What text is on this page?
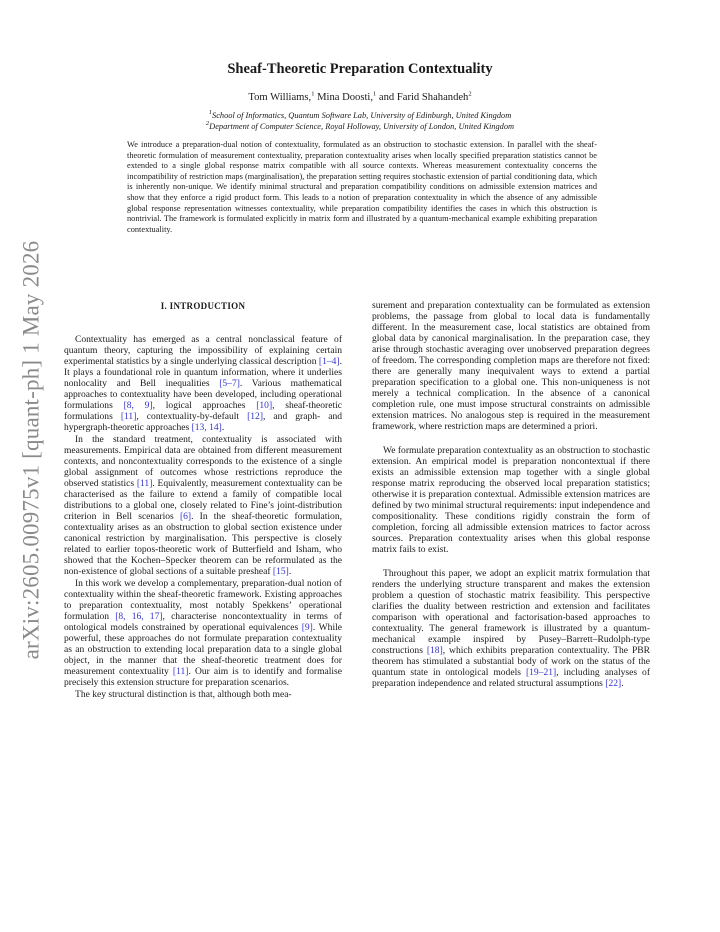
arXiv:2605.00975v1 [quant-ph] 1 May 2026
Sheaf-Theoretic Preparation Contextuality
Tom Williams,$^1$ Mina Doosti,$^1$ and Farid Shahandeh$^2$
$^1$School of Informatics, Quantum Software Lab, University of Edinburgh, United Kingdom
$^2$Department of Computer Science, Royal Holloway, University of London, United Kingdom
We introduce a preparation-dual notion of contextuality, formulated as an obstruction to stochastic extension. In parallel with the sheaf-theoretic formulation of measurement contextuality, preparation contextuality arises when locally specified preparation statistics cannot be extended to a single global response matrix compatible with all source contexts. Whereas measurement contextuality concerns the incompatibility of restriction maps (marginalisation), the preparation setting requires stochastic extension of partial conditioning data, which is inherently non-unique. We identify minimal structural and preparation compatibility conditions on admissible extension matrices and show that they enforce a rigid product form. This leads to a notion of preparation contextuality in which the absence of any admissible global response representation witnesses contextuality, while preparation compatibility identifies the cases in which this obstruction is nontrivial. The framework is formulated explicitly in matrix form and illustrated by a quantum-mechanical example exhibiting preparation contextuality.
I. INTRODUCTION

Contextuality has emerged as a central nonclassical feature of quantum theory, capturing the impossibility of explaining certain experimental statistics by a single underlying classical description [1–4]. It plays a foundational role in quantum information, where it underlies nonlocality and Bell inequalities [5–7]. Various mathematical approaches to contextuality have been developed, including operational formulations [8, 9], logical approaches [10], sheaf-theoretic formulations [11], contextuality-by-default [12], and graph- and hypergraph-theoretic approaches [13, 14].

In the standard treatment, contextuality is associated with measurements. Empirical data are obtained from different measurement contexts, and noncontextuality corresponds to the existence of a single global assignment of outcomes whose restrictions reproduce the observed statistics [11]. Equivalently, measurement contextuality can be characterised as the failure to extend a family of compatible local distributions to a global one, closely related to Fine’s joint-distribution criterion in Bell scenarios [6]. In the sheaf-theoretic formulation, contextuality arises as an obstruction to global section existence under canonical restriction by marginalisation. This perspective is closely related to earlier topos-theoretic work of Butterfield and Isham, who showed that the Kochen–Specker theorem can be reformulated as the non-existence of global sections of a suitable presheaf [15].

In this work we develop a complementary, preparation-dual notion of contextuality within the sheaf-theoretic framework. Existing approaches to preparation contextuality, most notably Spekkens’ operational formulation [8, 16, 17], characterise noncontextuality in terms of ontological models constrained by operational equivalences [9]. While powerful, these approaches do not formulate preparation contextuality as an obstruction to extending local preparation data to a single global object, in the manner that the sheaf-theoretic treatment does for measurement contextuality [11]. Our aim is to identify and formalise precisely this extension structure for preparation scenarios.

The key structural distinction is that, although both mea-

surement and preparation contextuality can be formulated as extension problems, the passage from global to local data is fundamentally different. In the measurement case, local statistics are obtained from global data by canonical marginalisation. In the preparation case, they arise through stochastic averaging over unobserved preparation degrees of freedom. The corresponding completion maps are therefore not fixed: there are generally many inequivalent ways to extend a partial preparation specification to a global one. This non-uniqueness is not merely a technical complication. In the absence of a canonical completion rule, one must impose structural constraints on admissible extension matrices. No analogous step is required in the measurement framework, where restriction maps are determined a priori.

We formulate preparation contextuality as an obstruction to stochastic extension. An empirical model is preparation noncontextual if there exists an admissible extension map together with a single global response matrix reproducing the observed local preparation statistics; otherwise it is preparation contextual. Admissible extension matrices are defined by two minimal structural requirements: input independence and compositionality. These conditions rigidly constrain the form of completion, forcing all admissible extension matrices to factor across sources. Preparation contextuality arises when this global response matrix fails to exist.

Throughout this paper, we adopt an explicit matrix formulation that renders the underlying structure transparent and makes the extension problem a question of stochastic matrix feasibility. This perspective clarifies the duality between restriction and extension and facilitates comparison with operational and factorisation-based approaches to contextuality. The general framework is illustrated by a quantum-mechanical example inspired by Pusey–Barrett–Rudolph-type constructions [18], which exhibits preparation contextuality. The PBR theorem has stimulated a substantial body of work on the status of the quantum state in ontological models [19–21], including analyses of preparation independence and related structural assumptions [22].
